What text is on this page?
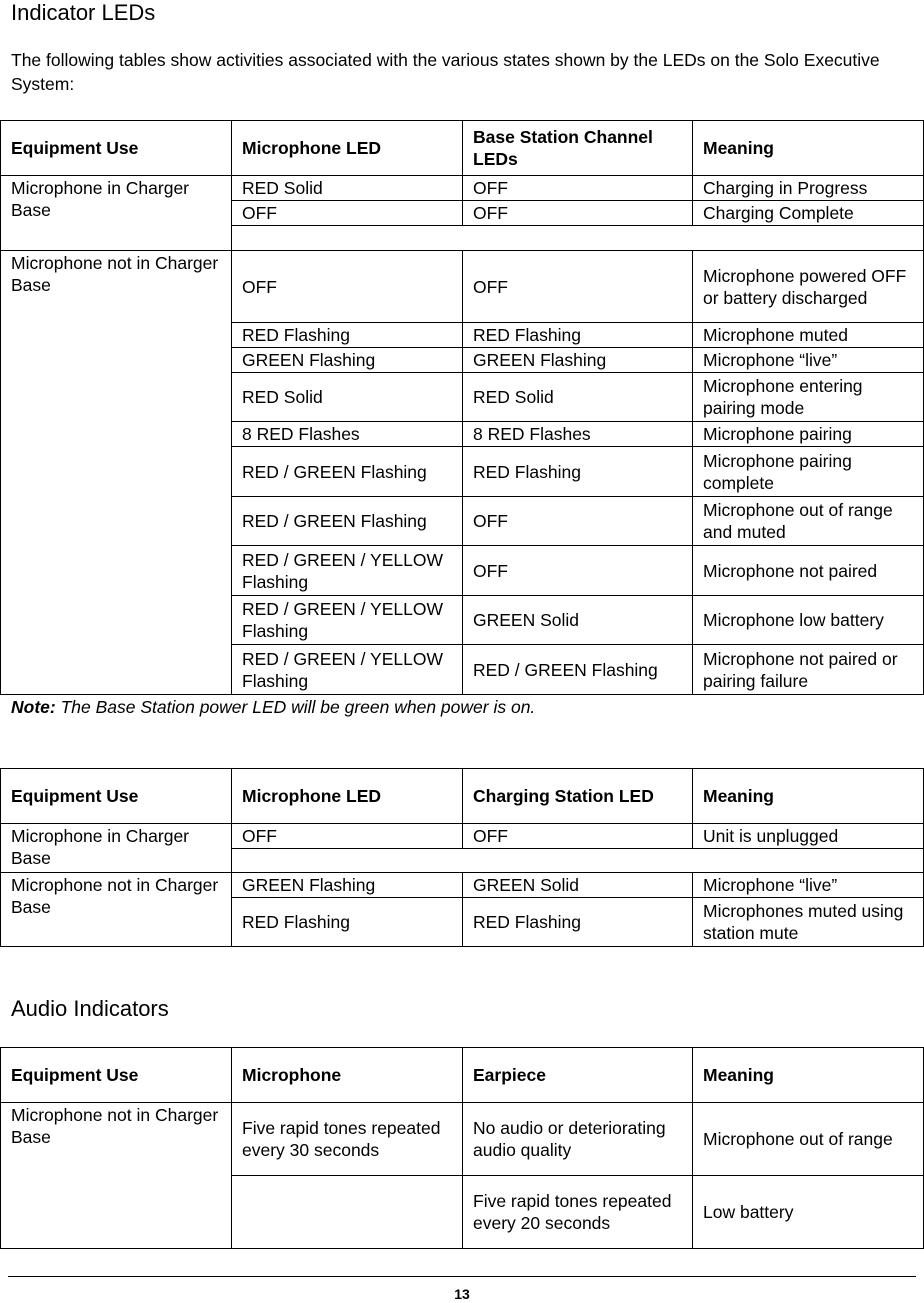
Indicator LEDs
The following tables show activities associated with the various states shown by the LEDs on the Solo Executive System:
Equipment Use	Microphone LED	Base Station Channel LEDs	Meaning
Microphone in Charger Base	RED Solid	OFF	Charging in Progress
	OFF	OFF	Charging Complete

Microphone not in Charger Base	OFF	OFF	Microphone powered OFF or battery discharged
	RED Flashing	RED Flashing	Microphone muted
	GREEN Flashing	GREEN Flashing	Microphone “live”
	RED Solid	RED Solid	Microphone entering pairing mode
	8 RED Flashes	8 RED Flashes	Microphone pairing
	RED / GREEN Flashing	RED Flashing	Microphone pairing complete
	RED / GREEN Flashing	OFF	Microphone out of range and muted
	RED / GREEN / YELLOW Flashing	OFF	Microphone not paired
	RED / GREEN / YELLOW Flashing	GREEN Solid	Microphone low battery
	RED / GREEN / YELLOW Flashing	RED / GREEN Flashing	Microphone not paired or pairing failure
Note: The Base Station power LED will be green when power is on.
Equipment Use	Microphone LED	Charging Station LED	Meaning
Microphone in Charger Base	OFF	OFF	Unit is unplugged

Microphone not in Charger Base	GREEN Flashing	GREEN Solid	Microphone “live”
	RED Flashing	RED Flashing	Microphones muted using station mute
Audio Indicators
Equipment Use	Microphone	Earpiece	Meaning
Microphone not in Charger Base	Five rapid tones repeated every 30 seconds	No audio or deteriorating audio quality	Microphone out of range
		Five rapid tones repeated every 20 seconds	Low battery
13
